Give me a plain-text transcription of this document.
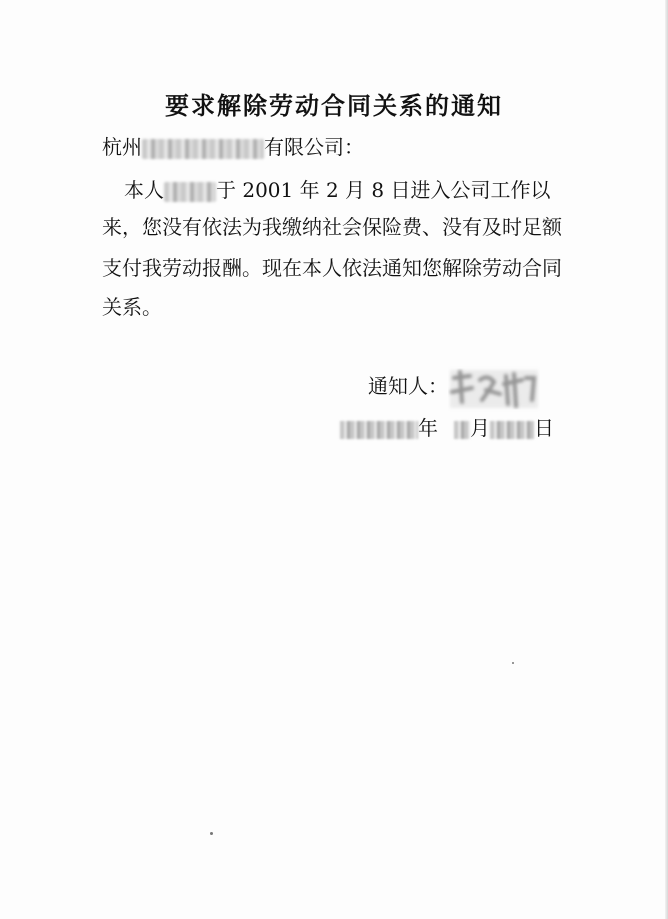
要求解除劳动合同关系的通知
杭州	有限公司：
本人	于 2001 年 2 月 8 日进入公司工作以
来，您没有依法为我缴纳社会保险费、没有及时足额
支付我劳动报酬。现在本人依法通知您解除劳动合同
关系。
通知人：
年 月 日
